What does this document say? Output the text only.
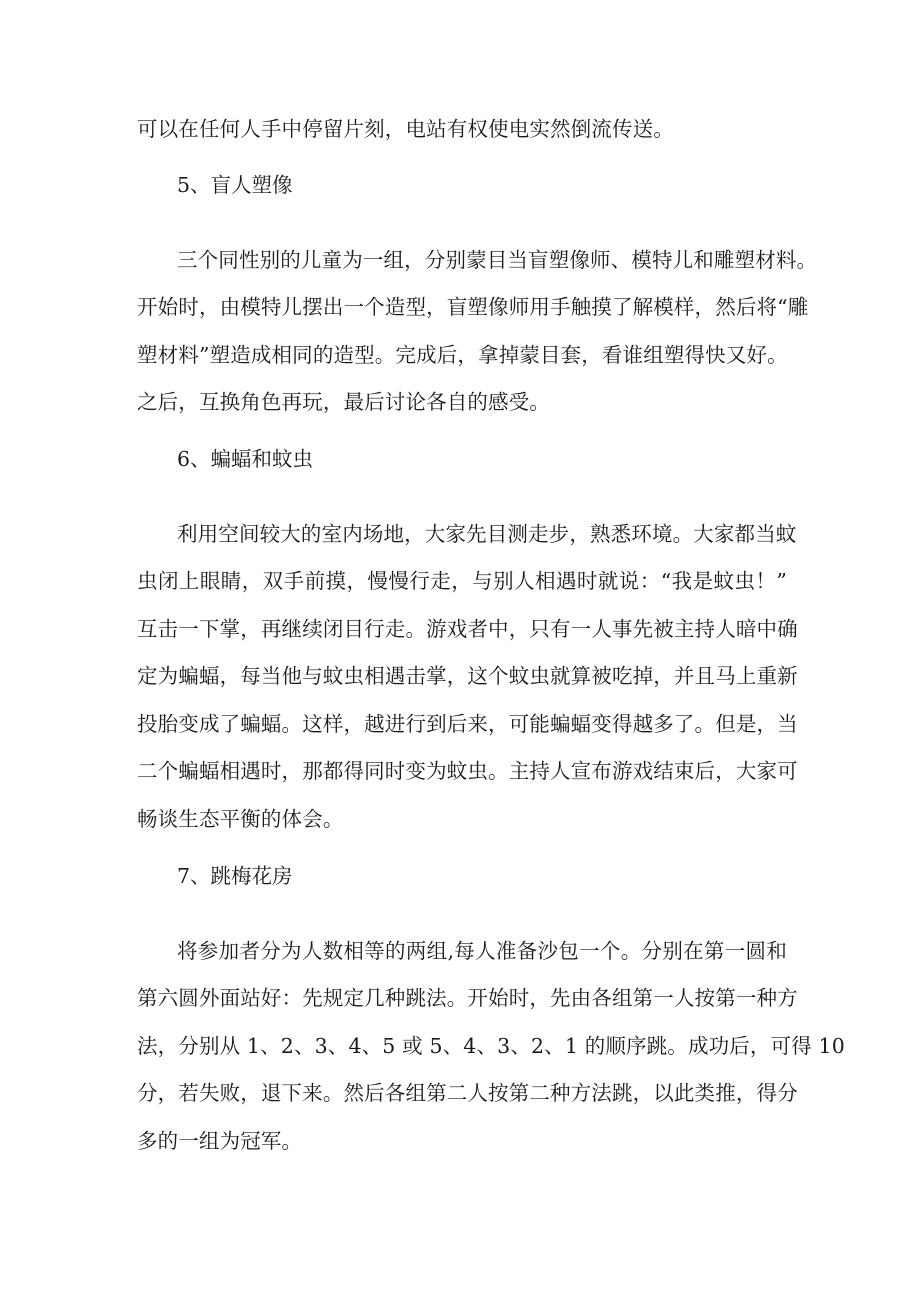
可以在任何人手中停留片刻，电站有权使电实然倒流传送。
5、盲人塑像
三个同性别的儿童为一组，分别蒙目当盲塑像师、模特儿和雕塑材料。
开始时，由模特儿摆出一个造型，盲塑像师用手触摸了解模样，然后将“雕
塑材料”塑造成相同的造型。完成后，拿掉蒙目套，看谁组塑得快又好。
之后，互换角色再玩，最后讨论各自的感受。
6、蝙蝠和蚊虫
利用空间较大的室内场地，大家先目测走步，熟悉环境。大家都当蚊
虫闭上眼睛，双手前摸，慢慢行走，与别人相遇时就说：“我是蚊虫！”
互击一下掌，再继续闭目行走。游戏者中，只有一人事先被主持人暗中确
定为蝙蝠，每当他与蚊虫相遇击掌，这个蚊虫就算被吃掉，并且马上重新
投胎变成了蝙蝠。这样，越进行到后来，可能蝙蝠变得越多了。但是，当
二个蝙蝠相遇时，那都得同时变为蚊虫。主持人宣布游戏结束后，大家可
畅谈生态平衡的体会。
7、跳梅花房
将参加者分为人数相等的两组,每人准备沙包一个。分别在第一圆和
第六圆外面站好：先规定几种跳法。开始时，先由各组第一人按第一种方
法，分别从 1、2、3、4、5 或 5、4、3、2、1 的顺序跳。成功后，可得 10
分，若失败，退下来。然后各组第二人按第二种方法跳，以此类推，得分
多的一组为冠军。
